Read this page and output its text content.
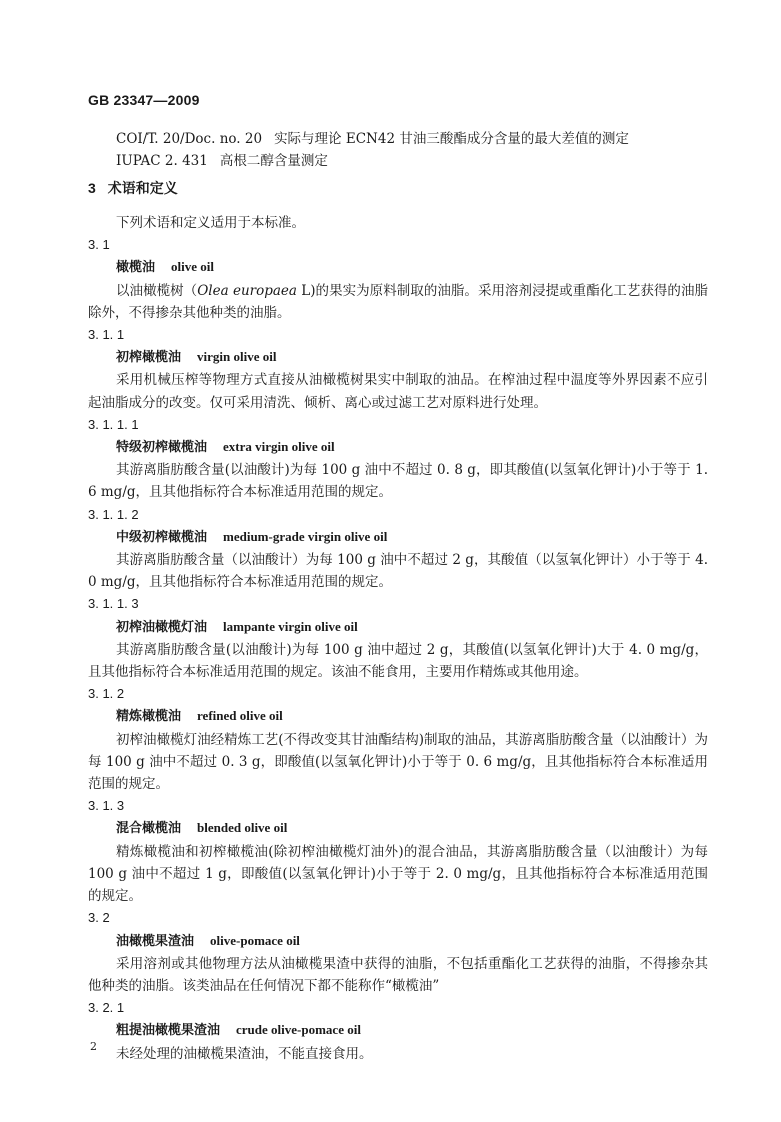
GB 23347—2009
COI/T. 20/Doc. no. 20 实际与理论 ECN42 甘油三酸酯成分含量的最大差值的测定
IUPAC 2. 431 高根二醇含量测定
3 术语和定义

下列术语和定义适用于本标准。

3. 1
橄榄油 olive oil
以油橄榄树（Olea europaea L)的果实为原料制取的油脂。采用溶剂浸提或重酯化工艺获得的油脂除外，不得掺杂其他种类的油脂。
3. 1. 1
初榨橄榄油 virgin olive oil
采用机械压榨等物理方式直接从油橄榄树果实中制取的油品。在榨油过程中温度等外界因素不应引起油脂成分的改变。仅可采用清洗、倾析、离心或过滤工艺对原料进行处理。
3. 1. 1. 1
特级初榨橄榄油 extra virgin olive oil
其游离脂肪酸含量(以油酸计)为每 100 g 油中不超过 0. 8 g，即其酸值(以氢氧化钾计)小于等于 1. 6 mg/g，且其他指标符合本标准适用范围的规定。
3. 1. 1. 2
中级初榨橄榄油 medium-grade virgin olive oil
其游离脂肪酸含量（以油酸计）为每 100 g 油中不超过 2 g，其酸值（以氢氧化钾计）小于等于 4. 0 mg/g，且其他指标符合本标准适用范围的规定。
3. 1. 1. 3
初榨油橄榄灯油 lampante virgin olive oil
其游离脂肪酸含量(以油酸计)为每 100 g 油中超过 2 g，其酸值(以氢氧化钾计)大于 4. 0 mg/g，且其他指标符合本标准适用范围的规定。该油不能食用，主要用作精炼或其他用途。
3. 1. 2
精炼橄榄油 refined olive oil
初榨油橄榄灯油经精炼工艺(不得改变其甘油酯结构)制取的油品，其游离脂肪酸含量（以油酸计）为每 100 g 油中不超过 0. 3 g，即酸值(以氢氧化钾计)小于等于 0. 6 mg/g，且其他指标符合本标准适用范围的规定。
3. 1. 3
混合橄榄油 blended olive oil
精炼橄榄油和初榨橄榄油(除初榨油橄榄灯油外)的混合油品，其游离脂肪酸含量（以油酸计）为每 100 g 油中不超过 1 g，即酸值(以氢氧化钾计)小于等于 2. 0 mg/g，且其他指标符合本标准适用范围的规定。
3. 2
油橄榄果渣油 olive-pomace oil
采用溶剂或其他物理方法从油橄榄果渣中获得的油脂，不包括重酯化工艺获得的油脂，不得掺杂其他种类的油脂。该类油品在任何情况下都不能称作“橄榄油”
3. 2. 1
粗提油橄榄果渣油 crude olive-pomace oil
未经处理的油橄榄果渣油，不能直接食用。
2
